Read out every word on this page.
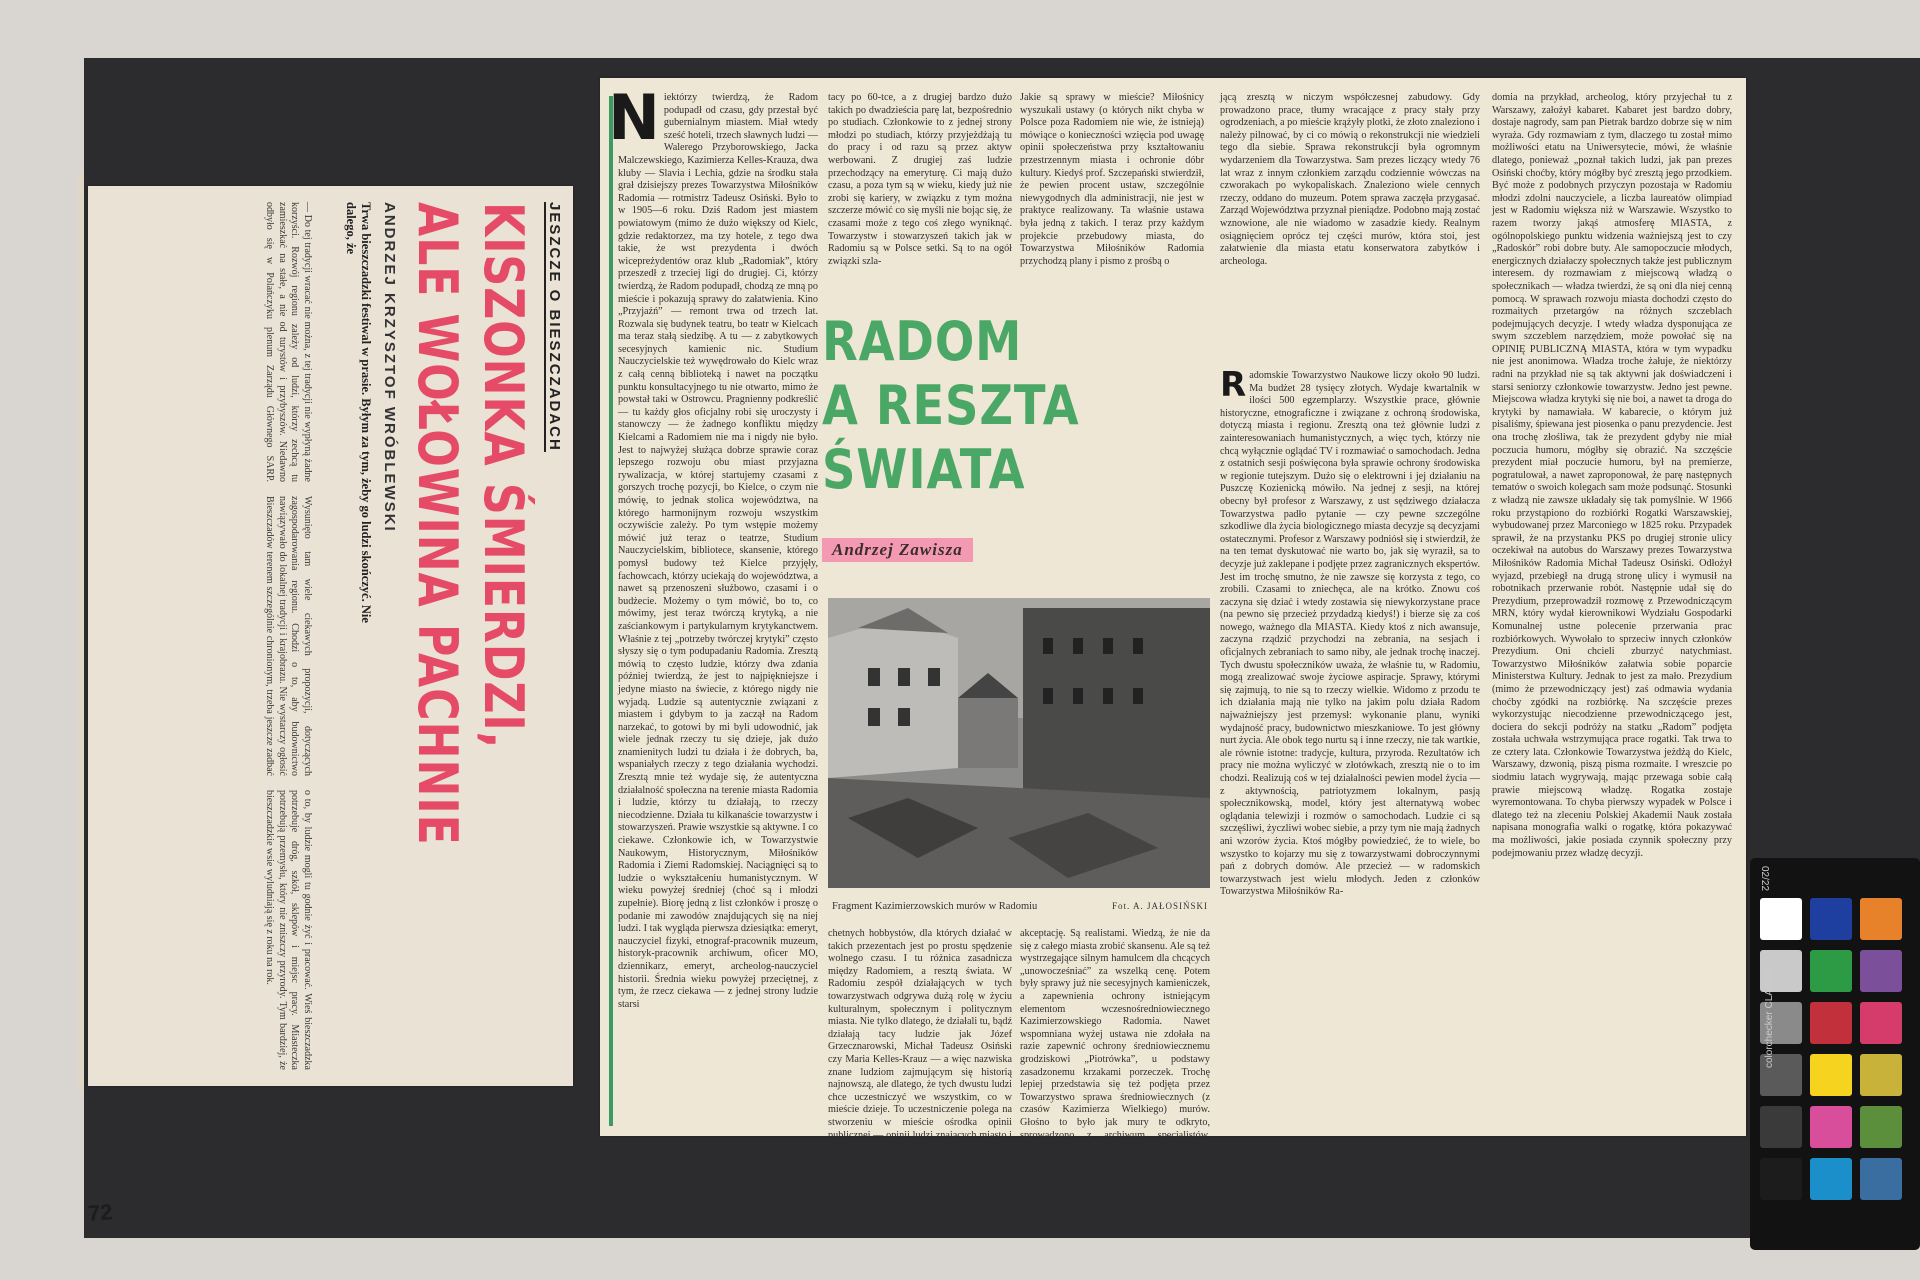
72
JESZCZE O BIESZCZADACH
KISZONKA ŚMIERDZI,
ALE WOŁOWINA PACHNIE
ANDRZEJ KRZYSZTOF WRÓBLEWSKI
Trwa bieszczadzki festiwal w prasie. Byłym za tym, żeby go ludzi skończyć. Nie dalego, że
— Do tej tradycji wracać nie można, z tej tradycji nie wypłyną żadne korzyści. Rozwój regionu zależy od ludzi, którzy zechcą tu zamieszkać na stałe, a nie od turystów i przybyszów. Niedawno odbyło się w Polańczyku plenum Zarządu Głównego SARP. Wysunięto tam wiele ciekawych propozycji, dotyczących zagospodarowania regionu. Chodzi o to, aby budownictwo nawiązywało do lokalnej tradycji i krajobrazu. Nie wystarczy ogłosić Bieszczadów terenem szczególnie chronionym, trzeba jeszcze zadbać o to, by ludzie mogli tu godnie żyć i pracować. Wieś bieszczadzka potrzebuje dróg, szkół, sklepów i miejsc pracy. Miasteczka potrzebują przemysłu, który nie zniszczy przyrody. Tym bardziej, że bieszczadzkie wsie wyludniają się z roku na rok.
Niektórzy twierdzą, że Radom podupadł od czasu, gdy przestał być gubernialnym miastem. Miał wtedy sześć hoteli, trzech sławnych ludzi — Walerego Przyborowskiego, Jacka Malczewskiego, Kazimierza Kelles-Krauza, dwa kluby — Slavia i Lechia, gdzie na środku stała grał dzisiejszy prezes Towarzystwa Miłośników Radomia — rotmistrz Tadeusz Osiński. Było to w 1905—6 roku. Dziś Radom jest miastem powiatowym (mimo że dużo większy od Kielc, gdzie redaktorzez, ma tzy hotele, z tego dwa takie, że wst prezydenta i dwóch wicepreżydentów oraz klub „Radomiak”, który przeszedł z trzeciej ligi do drugiej. Ci, którzy twierdzą, że Radom podupadł, chodzą ze mną po mieście i pokazują sprawy do załatwienia. Kino „Przyjaźń” — remont trwa od trzech lat. Rozwala się budynek teatru, bo teatr w Kielcach ma teraz stałą siedzibę. A tu — z zabytkowych secesyjnych kamienic nic. Studium Nauczycielskie też wywędrowało do Kielc wraz z całą cenną biblioteką i nawet na początku punktu konsultacyjnego tu nie otwarto, mimo że powstał taki w Ostrowcu. Pragnienny podkreślić — tu każdy głos oficjalny robi się uroczysty i stanowczy — że żadnego konfliktu między Kielcami a Radomiem nie ma i nigdy nie było. Jest to najwyżej służąca dobrze sprawie coraz lepszego rozwoju obu miast przyjazna rywalizacja, w której startujemy czasami z gorszych trochę pozycji, bo Kielce, o czym nie mówię, to jednak stolica województwa, na którego harmonijnym rozwoju wszystkim oczywiście zależy. Po tym wstępie możemy mówić już teraz o teatrze, Studium Nauczycielskim, bibliotece, skansenie, którego pomysł budowy też Kielce przyjęły, fachowcach, którzy uciekają do województwa, a nawet są przenoszeni służbowo, czasami i o budżecie. Możemy o tym mówić, bo to, co mówimy, jest teraz twórczą krytyką, a nie zaściankowym i partykularnym krytykanctwem. Właśnie z tej „potrzeby twórczej krytyki” często słyszy się o tym podupadaniu Radomia. Zresztą mówią to często ludzie, którzy dwa zdania później twierdzą, że jest to najpiękniejsze i jedyne miasto na świecie, z którego nigdy nie wyjadą. Ludzie są autentycznie związani z miastem i gdybym to ja zaczął na Radom narzekać, to gotowi by mi byli udowodnić, jak wiele jednak rzeczy tu się dzieje, jak dużo znamienitych ludzi tu działa i że dobrych, ba, wspaniałych rzeczy z tego działania wychodzi. Zresztą mnie też wydaje się, że autentyczna działalność społeczna na terenie miasta Radomia i ludzie, którzy tu działają, to rzeczy niecodzienne. Działa tu kilkanaście towarzystw i stowarzyszeń. Prawie wszystkie są aktywne. I co ciekawe. Członkowie ich, w Towarzystwie Naukowym, Historycznym, Miłośników Radomia i Ziemi Radomskiej. Naciągnięci są to ludzie o wykształceniu humanistycznym. W wieku powyżej średniej (choć są i młodzi zupełnie). Biorę jedną z list członków i proszę o podanie mi zawodów znajdujących się na niej ludzi. I tak wygląda pierwsza dziesiątka: emeryt, nauczyciel fizyki, etnograf-pracownik muzeum, historyk-pracownik archiwum, oficer MO, dziennikarz, emeryt, archeolog-nauczyciel historii. Średnia wieku powyżej przeciętnej, z tym, że rzecz ciekawa — z jednej strony ludzie starsi
tacy po 60-tce, a z drugiej bardzo dużo takich po dwadzieścia parę lat, bezpośrednio po studiach. Członkowie to z jednej strony młodzi po studiach, którzy przyjeżdżają tu do pracy i od razu są przez aktyw werbowani. Z drugiej zaś ludzie przechodzący na emeryturę. Ci mają dużo czasu, a poza tym są w wieku, kiedy już nie zrobi się kariery, w związku z tym można szczerze mówić co się myśli nie bojąc się, że czasami może z tego coś złego wyniknąć. Towarzystw i stowarzyszeń takich jak w Radomiu są w Polsce setki. Są to na ogół związki szla-
Jakie są sprawy w mieście? Miłośnicy wyszukali ustawy (o których nikt chyba w Polsce poza Radomiem nie wie, że istnieją) mówiące o konieczności wzięcia pod uwagę opinii społeczeństwa przy kształtowaniu przestrzennym miasta i ochronie dóbr kultury. Kiedyś prof. Szczepański stwierdził, że pewien procent ustaw, szczególnie niewygodnych dla administracji, nie jest w praktyce realizowany. Ta właśnie ustawa była jedną z takich. I teraz przy każdym projekcie przebudowy miasta, do Towarzystwa Miłośników Radomia przychodzą plany i pismo z prośbą o
RADOM
A RESZTA
ŚWIATA
Andrzej Zawisza
Fragment Kazimierzowskich murów w Radomiu	Fot. A. JAŁOSIŃSKI
chetnych hobbystów, dla których działać w takich przezentach jest po prostu spędzenie wolnego czasu. I tu różnica zasadnicza między Radomiem, a resztą świata. W Radomiu zespół działających w tych towarzystwach odgrywa dużą rolę w życiu kulturalnym, społecznym i politycznym miasta. Nie tylko dlatego, że działali tu, bądź działają tacy ludzie jak Józef Grzecznarowski, Michał Tadeusz Osiński czy Maria Kelles-Krauz — a więc nazwiska znane ludziom zajmującym się historią najnowszą, ale dlatego, że tych dwustu ludzi chce uczestniczyć we wszystkim, co w mieście dzieje. To uczestniczenie polega na stworzeniu w mieście ośrodka opinii publicznej — opinii ludzi znających miasto i przywiązanych do niego. Z którą opinią, jak wszyscy przyznają, „w pewnym sensie trzeba się liczyć”.
akceptację. Są realistami. Wiedzą, że nie da się z całego miasta zrobić skansenu. Ale są też wystrzegające silnym hamulcem dla chcących „unowocześniać” za wszelką cenę. Potem były sprawy już nie secesyjnych kamieniczek, a zapewnienia ochrony istniejącym elementom wczesnośredniowiecznego Kazimierzowskiego Radomia. Nawet wspomniana wyżej ustawa nie zdołała na razie zapewnić ochrony średniowiecznemu grodziskowi „Piotrówka”, u podstawy zasadzonemu krzakami porzeczek. Trochę lepiej przedstawia się też podjęta przez Towarzystwo sprawa średniowiecznych (z czasów Kazimierza Wielkiego) murów. Głośno to było jak mury te odkryto, sprowadzono z archiwum specjalistów, zaprojektowano cała rekonstrukcję murów dookoła miasta, nie naruszą-
jącą zresztą w niczym współczesnej zabudowy. Gdy prowadzono prace, tłumy wracające z pracy stały przy ogrodzeniach, a po mieście krążyły plotki, że złoto znaleziono i należy pilnować, by ci co mówią o rekonstrukcji nie wiedzieli tego dla siebie. Sprawa rekonstrukcji była ogromnym wydarzeniem dla Towarzystwa. Sam prezes liczący wtedy 76 lat wraz z innym członkiem zarządu codziennie wówczas na czworakach po wykopaliskach. Znaleziono wiele cennych rzeczy, oddano do muzeum. Potem sprawa zaczęła przygasać. Zarząd Województwa przyznał pieniądze. Podobno mają zostać wznowione, ale nie wiadomo w zasadzie kiedy. Realnym osiągnięciem oprócz tej części murów, która stoi, jest załatwienie dla miasta etatu konserwatora zabytków i archeologa.
Radomskie Towarzystwo Naukowe liczy około 90 ludzi. Ma budżet 28 tysięcy złotych. Wydaje kwartalnik w ilości 500 egzemplarzy. Wszystkie prace, głównie historyczne, etnograficzne i związane z ochroną środowiska, dotyczą miasta i regionu. Zresztą ona też głównie ludzi z zainteresowaniach humanistycznych, a więc tych, którzy nie chcą wyłącznie oglądać TV i rozmawiać o samochodach. Jedna z ostatnich sesji poświęcona była sprawie ochrony środowiska w regionie tutejszym. Dużo się o elektrowni i jej działaniu na Puszczę Kozienicką mówiło. Na jednej z sesji, na której obecny był profesor z Warszawy, z ust sędziwego działacza Towarzystwa padło pytanie — czy pewne szczególne szkodliwe dla życia biologicznego miasta decyzje są decyzjami ostatecznymi. Profesor z Warszawy podniósł się i stwierdził, że na ten temat dyskutować nie warto bo, jak się wyraził, sa to decyzje już zaklepane i podjęte przez zagranicznych ekspertów. Jest im trochę smutno, że nie zawsze się korzysta z tego, co zrobili. Czasami to zniechęca, ale na krótko. Znowu coś zaczyna się dziać i wtedy zostawia się niewykorzystane prace (na pewno się przecież przydadzą kiedyś!) i bierze się za coś nowego, ważnego dla MIASTA. Kiedy ktoś z nich awansuje, zaczyna rządzić przychodzi na zebrania, na sesjach i oficjalnych zebraniach to samo niby, ale jednak trochę inaczej. Tych dwustu społeczników uważa, że właśnie tu, w Radomiu, mogą zrealizować swoje życiowe aspiracje. Sprawy, którymi się zajmują, to nie są to rzeczy wielkie. Widomo z przodu te ich działania mają nie tylko na jakim polu działa Radom najważniejszy jest przemysł: wykonanie planu, wyniki wydajność pracy, budownictwo mieszkaniowe. To jest główny nurt życia. Ale obok tego nurtu są i inne rzeczy, nie tak wartkie, ale równie istotne: tradycje, kultura, przyroda. Rezultatów ich pracy nie można wyliczyć w złotówkach, zresztą nie o to im chodzi. Realizują coś w tej działalności pewien model życia — z aktywnością, patriotyzmem lokalnym, pasją społecznikowską, model, który jest alternatywą wobec oglądania telewizji i rozmów o samochodach. Ludzie ci są szczęśliwi, życzliwi wobec siebie, a przy tym nie mają żadnych ani wzorów życia. Ktoś mógłby powiedzieć, że to wiele, bo wszystko to kojarzy mu się z towarzystwami dobroczynnymi pań z dobrych domów. Ale przecież — w radomskich towarzystwach jest wielu młodych. Jeden z członków Towarzystwa Miłośników Ra-
domia na przykład, archeolog, który przyjechał tu z Warszawy, założył kabaret. Kabaret jest bardzo dobry, dostaje nagrody, sam pan Pietrak bardzo dobrze się w nim wyraża. Gdy rozmawiam z tym, dlaczego tu został mimo możliwości etatu na Uniwersytecie, mówi, że właśnie dlatego, ponieważ „poznał takich ludzi, jak pan prezes Osiński choćby, który mógłby być zresztą jego przodkiem. Być może z podobnych przyczyn pozostaja w Radomiu młodzi zdolni nauczyciele, a liczba laureatów olimpiad jest w Radomiu większa niż w Warszawie. Wszystko to razem tworzy jakąś atmosferę MIASTA, z ogólnopolskiego punktu widzenia ważniejszą jest to czy „Radoskór” robi dobre buty. Ale samopoczucie młodych, energicznych działaczy społecznych także jest publicznym interesem. dy rozmawiam z miejscową władzą o społecznikach — władza twierdzi, że są oni dla niej cenną pomocą. W sprawach rozwoju miasta dochodzi często do rozmaitych przetargów na różnych szczeblach podejmujących decyzje. I wtedy władza dysponująca ze swym szczeblem narzędziem, może powołać się na OPINIĘ PUBLICZNĄ MIASTA, która w tym wypadku nie jest anonimowa. Władza troche żałuje, że niektórzy radni na przykład nie są tak aktywni jak doświadczeni i starsi seniorzy członkowie towarzystw. Jedno jest pewne. Miejscowa władza krytyki się nie boi, a nawet ta droga do krytyki by namawiała. W kabarecie, o którym już pisaliśmy, śpiewana jest piosenka o panu prezydencie. Jest ona trochę złośliwa, tak że prezydent gdyby nie miał poczucia humoru, mógłby się obrazić. Na szczęście prezydent miał poczucie humoru, był na premierze, pogratulował, a nawet zaproponował, że parę następnych tematów o swoich kolegach sam może podsunąć. Stosunki z władzą nie zawsze układały się tak pomyślnie. W 1966 roku przystąpiono do rozbiórki Rogatki Warszawskiej, wybudowanej przez Marconiego w 1825 roku. Przypadek sprawił, że na przystanku PKS po drugiej stronie ulicy oczekiwał na autobus do Warszawy prezes Towarzystwa Miłośników Radomia Michał Tadeusz Osiński. Odłożył wyjazd, przebiegł na drugą stronę ulicy i wymusił na robotnikach przerwanie robót. Następnie udał się do Prezydium, przeprowadził rozmowę z Przewodniczącym MRN, który wydał kierownikowi Wydziału Gospodarki Komunalnej ustne polecenie przerwania prac rozbiórkowych. Wywołało to sprzeciw innych członków Prezydium. Oni chcieli zburzyć natychmiast. Towarzystwo Miłośników załatwia sobie poparcie Ministerstwa Kultury. Jednak to jest za mało. Prezydium (mimo że przewodniczący jest) zaś odmawia wydania choćby zgódki na rozbiórkę. Na szczęście prezes wykorzystując niecodzienne przewodniczącego jest, dociera do sekcji podróży na statku „Radom” podjęta została uchwała wstrzymująca prace rogatki. Tak trwa to ze cztery lata. Członkowie Towarzystwa jeżdżą do Kielc, Warszawy, dzwonią, piszą pisma rozmaite. I wreszcie po siodmiu latach wygrywają, mając przewaga sobie całą prawie miejscową władzę. Rogatka zostaje wyremontowana. To chyba pierwszy wypadek w Polsce i dlatego też na zleceniu Polskiej Akademii Nauk została napisana monografia walki o rogatkę, która pokazywać ma możliwości, jakie posiada czynnik społeczny przy podejmowaniu przez władzę decyzji.
colorchecker CLASSIC
02/22
